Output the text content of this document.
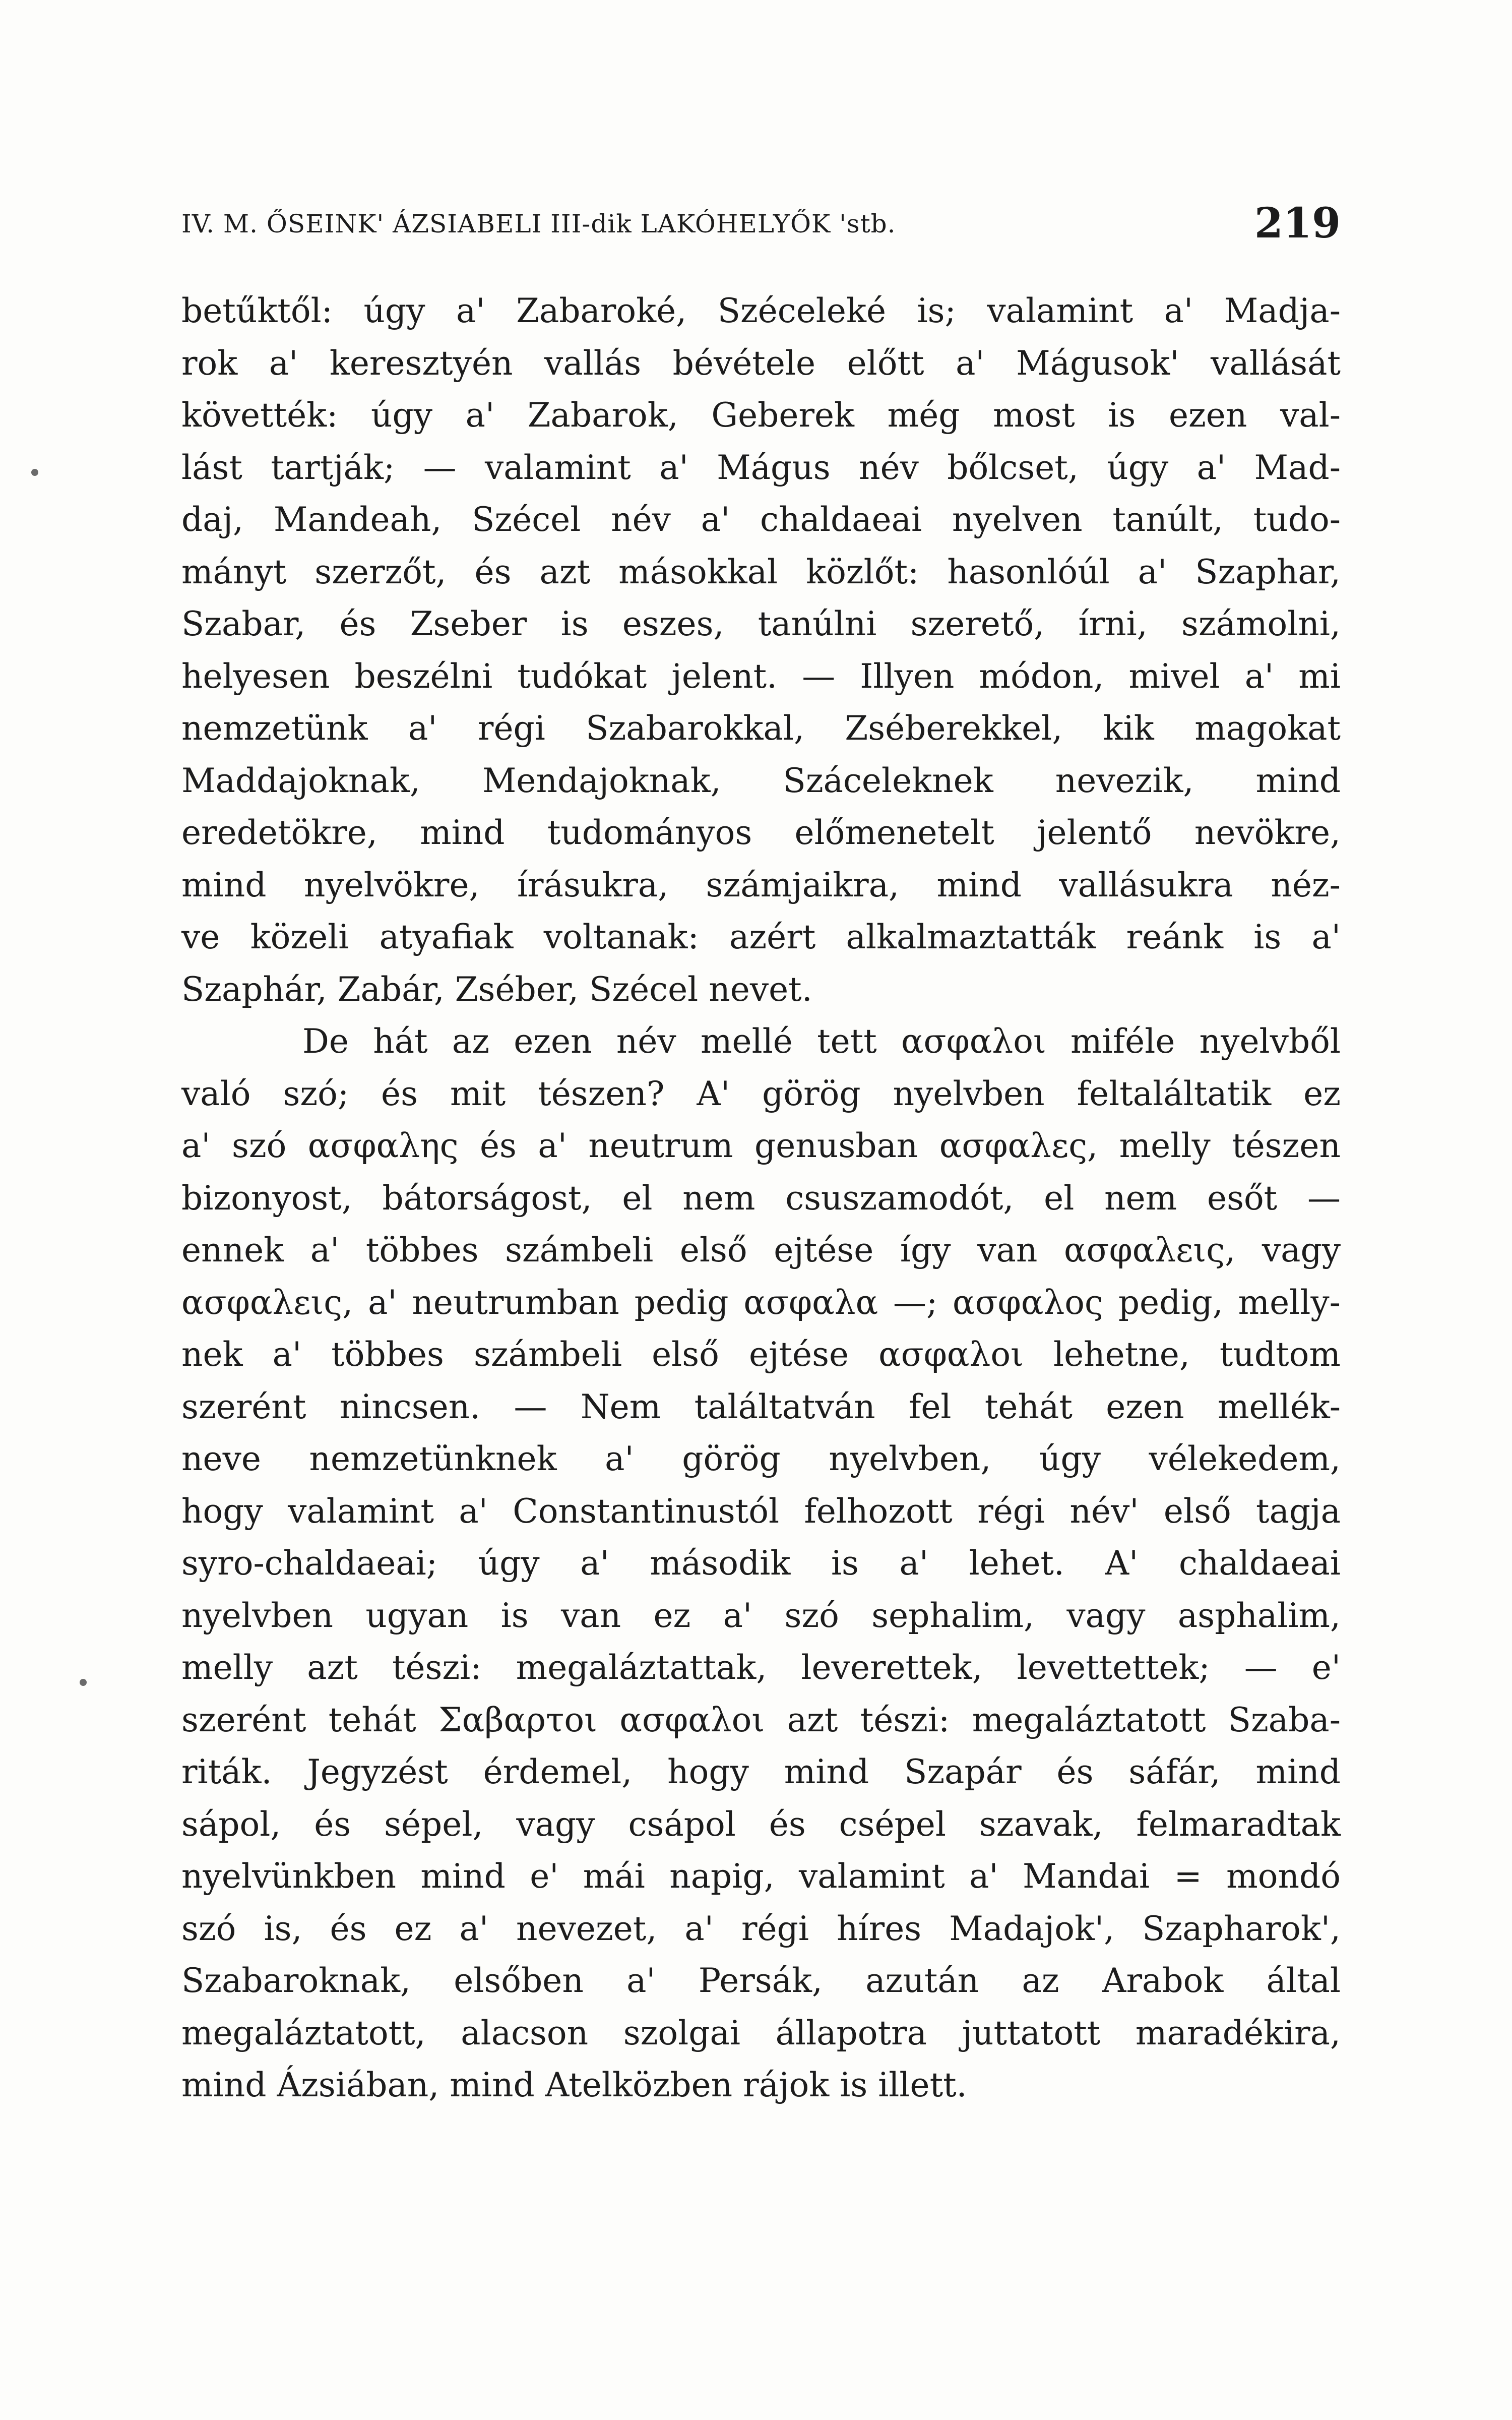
IV. M. ŐSEINK' ÁZSIABELI III-dik LAKÓHELYŐK 'stb.	219
betűktől: úgy a' Zabaroké, Széceleké is; valamint a' Madja-
rok a' keresztyén vallás bévétele előtt a' Mágusok' vallását
követték: úgy a' Zabarok, Geberek még most is ezen val-
lást tartják; — valamint a' Mágus név bőlcset, úgy a' Mad-
daj, Mandeah, Szécel név a' chaldaeai nyelven tanúlt, tudo-
mányt szerzőt, és azt másokkal közlőt: hasonlóúl a' Szaphar,
Szabar, és Zseber is eszes, tanúlni szerető, írni, számolni,
helyesen beszélni tudókat jelent. — Illyen módon, mivel a' mi
nemzetünk a' régi Szabarokkal, Zséberekkel, kik magokat
Maddajoknak, Mendajoknak, Száceleknek nevezik, mind
eredetökre, mind tudományos előmenetelt jelentő nevökre,
mind nyelvökre, írásukra, számjaikra, mind vallásukra néz-
ve közeli atyafiak voltanak: azért alkalmaztatták reánk is a'
Szaphár, Zabár, Zséber, Szécel nevet.
De hát az ezen név mellé tett ασφαλοι miféle nyelvből
való szó; és mit tészen? A' görög nyelvben feltaláltatik ez
a' szó ασφαλης és a' neutrum genusban ασφαλες, melly tészen
bizonyost, bátorságost, el nem csuszamodót, el nem esőt —
ennek a' többes számbeli első ejtése így van ασφαλεις, vagy
ασφαλεις, a' neutrumban pedig ασφαλα —; ασφαλος pedig, melly-
nek a' többes számbeli első ejtése ασφαλοι lehetne, tudtom
szerént nincsen. — Nem találtatván fel tehát ezen mellék-
neve nemzetünknek a' görög nyelvben, úgy vélekedem,
hogy valamint a' Constantinustól felhozott régi név' első tagja
syro-chaldaeai; úgy a' második is a' lehet. A' chaldaeai
nyelvben ugyan is van ez a' szó sephalim, vagy asphalim,
melly azt tészi: megaláztattak, leverettek, levettettek; — e'
szerént tehát Σαβαρτοι ασφαλοι azt tészi: megaláztatott Szaba-
riták. Jegyzést érdemel, hogy mind Szapár és sáfár, mind
sápol, és sépel, vagy csápol és csépel szavak, felmaradtak
nyelvünkben mind e' mái napig, valamint a' Mandai = mondó
szó is, és ez a' nevezet, a' régi híres Madajok', Szapharok',
Szabaroknak, elsőben a' Persák, azután az Arabok által
megaláztatott, alacson szolgai állapotra juttatott maradékira,
mind Ázsiában, mind Atelközben rájok is illett.
